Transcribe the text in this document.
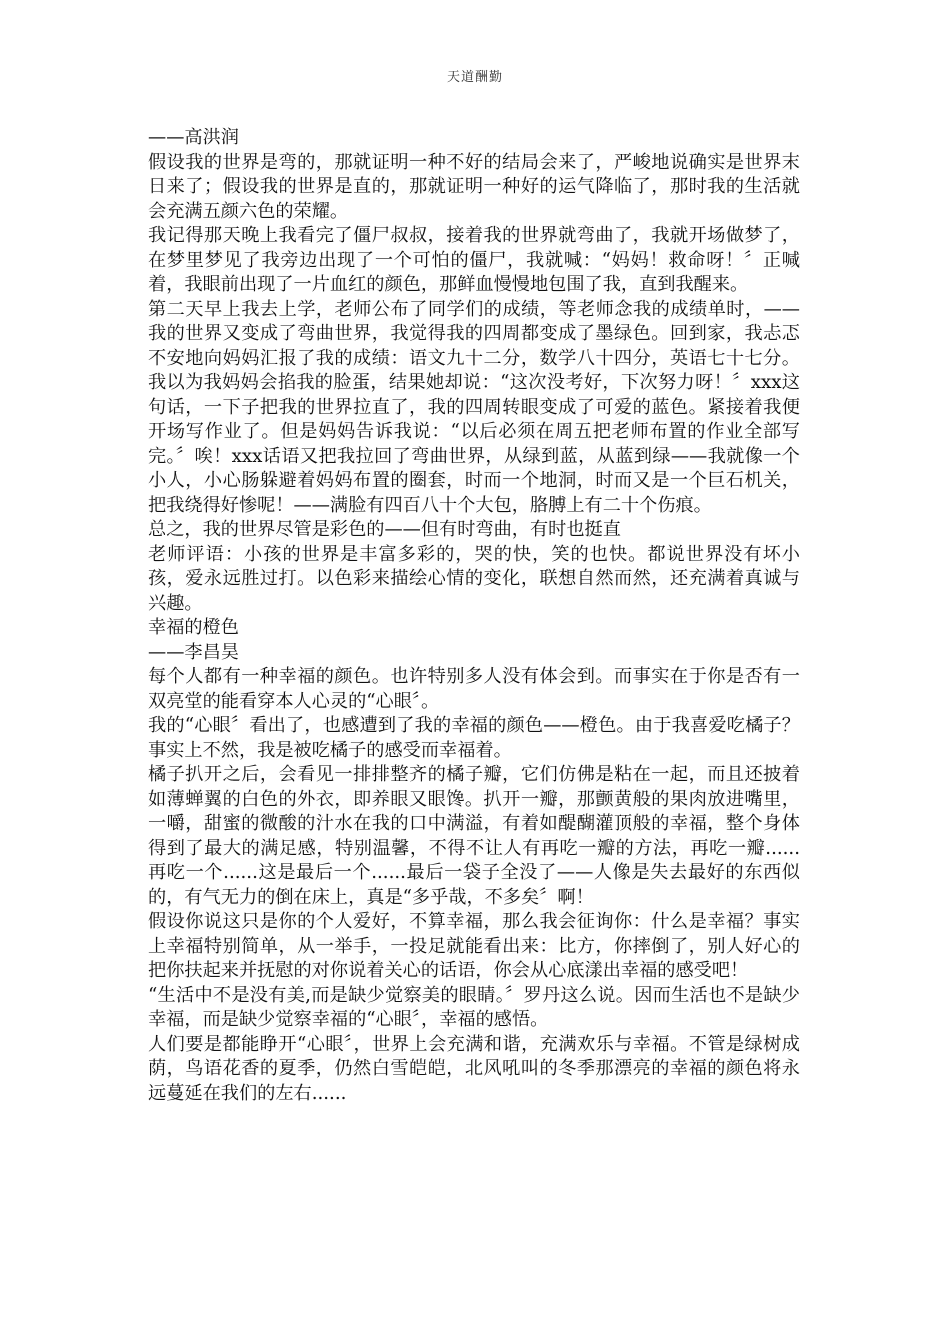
天道酬勤

——高洪润

假设我的世界是弯的，那就证明一种不好的结局会来了，严峻地说确实是世界末日来了；假设我的世界是直的，那就证明一种好的运气降临了，那时我的生活就会充满五颜六色的荣耀。

我记得那天晚上我看完了僵尸叔叔，接着我的世界就弯曲了，我就开场做梦了，在梦里梦见了我旁边出现了一个可怕的僵尸，我就喊：“妈妈！救命呀！〞正喊着，我眼前出现了一片血红的颜色，那鲜血慢慢地包围了我，直到我醒来。

第二天早上我去上学，老师公布了同学们的成绩，等老师念我的成绩单时，——我的世界又变成了弯曲世界，我觉得我的四周都变成了墨绿色。回到家，我忐忑不安地向妈妈汇报了我的成绩：语文九十二分，数学八十四分，英语七十七分。我以为我妈妈会掐我的脸蛋，结果她却说：“这次没考好，下次努力呀！〞xxx这句话，一下子把我的世界拉直了，我的四周转眼变成了可爱的蓝色。紧接着我便开场写作业了。但是妈妈告诉我说：“以后必须在周五把老师布置的作业全部写完。〞唉！xxx话语又把我拉回了弯曲世界，从绿到蓝，从蓝到绿——我就像一个小人，小心肠躲避着妈妈布置的圈套，时而一个地洞，时而又是一个巨石机关，把我绕得好惨呢！——满脸有四百八十个大包，胳膊上有二十个伤痕。

总之，我的世界尽管是彩色的——但有时弯曲，有时也挺直

老师评语：小孩的世界是丰富多彩的，哭的快，笑的也快。都说世界没有坏小孩，爱永远胜过打。以色彩来描绘心情的变化，联想自然而然，还充满着真诚与兴趣。

幸福的橙色

——李昌昊

每个人都有一种幸福的颜色。也许特别多人没有体会到。而事实在于你是否有一双亮堂的能看穿本人心灵的“心眼〞。

我的“心眼〞看出了，也感遭到了我的幸福的颜色——橙色。由于我喜爱吃橘子？事实上不然，我是被吃橘子的感受而幸福着。

橘子扒开之后，会看见一排排整齐的橘子瓣，它们仿佛是粘在一起，而且还披着如薄蝉翼的白色的外衣，即养眼又眼馋。扒开一瓣，那颤黄般的果肉放进嘴里，一嚼，甜蜜的微酸的汁水在我的口中满溢，有着如醍醐灌顶般的幸福，整个身体得到了最大的满足感，特别温馨，不得不让人有再吃一瓣的方法，再吃一瓣......再吃一个......这是最后一个......最后一袋子全没了——人像是失去最好的东西似的，有气无力的倒在床上，真是“多乎哉，不多矣〞啊！

假设你说这只是你的个人爱好，不算幸福，那么我会征询你：什么是幸福？事实上幸福特别简单，从一举手，一投足就能看出来：比方，你摔倒了，别人好心的把你扶起来并抚慰的对你说着关心的话语，你会从心底漾出幸福的感受吧！

“生活中不是没有美,而是缺少觉察美的眼睛。〞罗丹这么说。因而生活也不是缺少幸福，而是缺少觉察幸福的“心眼〞，幸福的感悟。

人们要是都能睁开“心眼〞，世界上会充满和谐，充满欢乐与幸福。不管是绿树成荫，鸟语花香的夏季，仍然白雪皑皑，北风吼叫的冬季那漂亮的幸福的颜色将永远蔓延在我们的左右......
